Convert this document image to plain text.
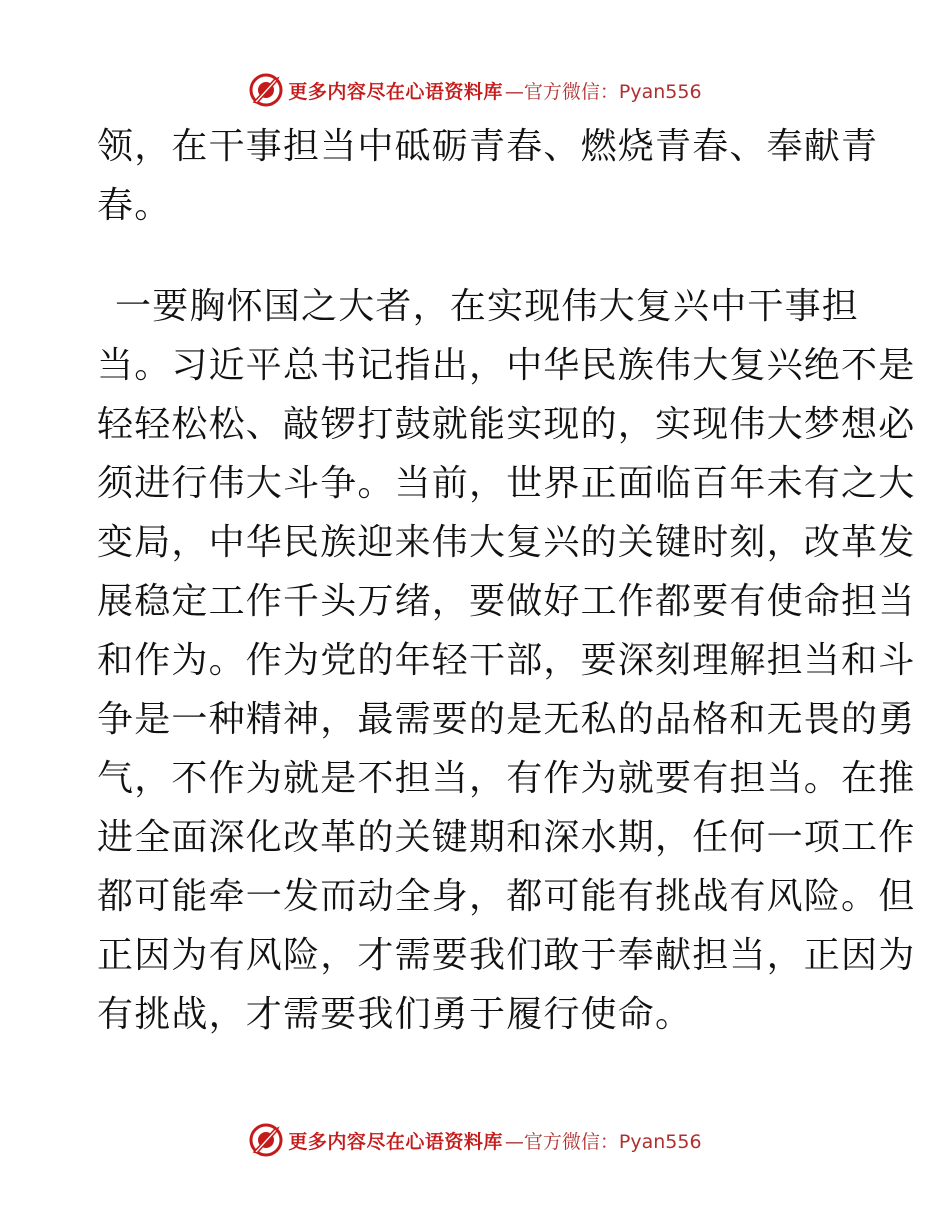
更多内容尽在心语资料库 —官方微信：Pyan556
领，在干事担当中砥砺青春、燃烧青春、奉献青
春。
一要胸怀国之大者，在实现伟大复兴中干事担
当。习近平总书记指出，中华民族伟大复兴绝不是
轻轻松松、敲锣打鼓就能实现的，实现伟大梦想必
须进行伟大斗争。当前，世界正面临百年未有之大
变局，中华民族迎来伟大复兴的关键时刻，改革发
展稳定工作千头万绪，要做好工作都要有使命担当
和作为。作为党的年轻干部，要深刻理解担当和斗
争是一种精神，最需要的是无私的品格和无畏的勇
气，不作为就是不担当，有作为就要有担当。在推
进全面深化改革的关键期和深水期，任何一项工作
都可能牵一发而动全身，都可能有挑战有风险。但
正因为有风险，才需要我们敢于奉献担当，正因为
有挑战，才需要我们勇于履行使命。
更多内容尽在心语资料库 —官方微信：Pyan556
